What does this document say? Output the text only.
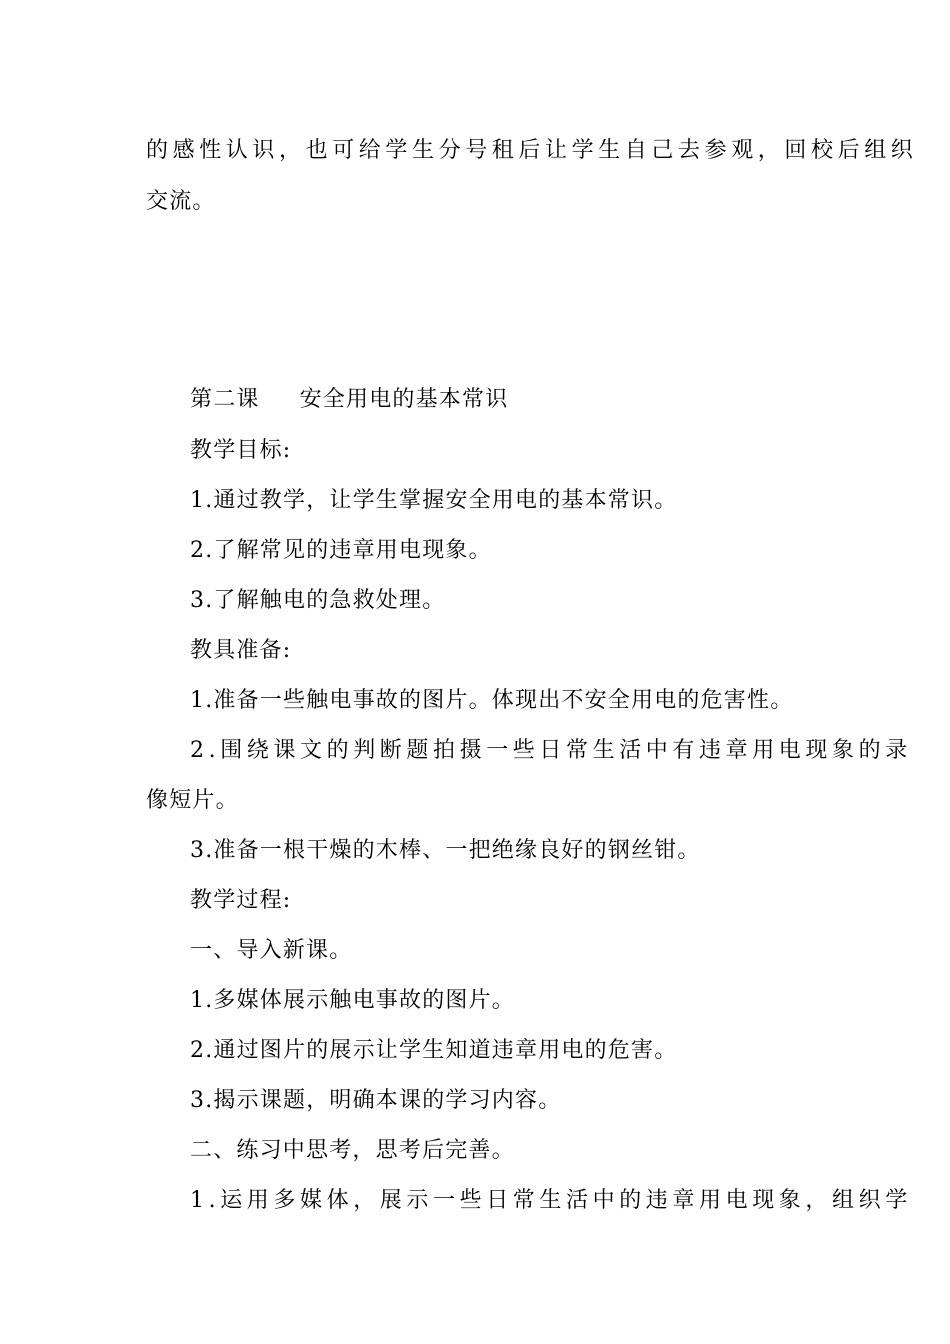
的感性认识，也可给学生分号租后让学生自己去参观，回校后组织
交流。
第二课 安全用电的基本常识
教学目标:
1.通过教学，让学生掌握安全用电的基本常识。
2.了解常见的违章用电现象。
3.了解触电的急救处理。
教具准备:
1.准备一些触电事故的图片。体现出不安全用电的危害性。
2.围绕课文的判断题拍摄一些日常生活中有违章用电现象的录
像短片。
3.准备一根干燥的木棒、一把绝缘良好的钢丝钳。
教学过程:
一、导入新课。
1.多媒体展示触电事故的图片。
2.通过图片的展示让学生知道违章用电的危害。
3.揭示课题，明确本课的学习内容。
二、练习中思考，思考后完善。
1.运用多媒体，展示一些日常生活中的违章用电现象，组织学
